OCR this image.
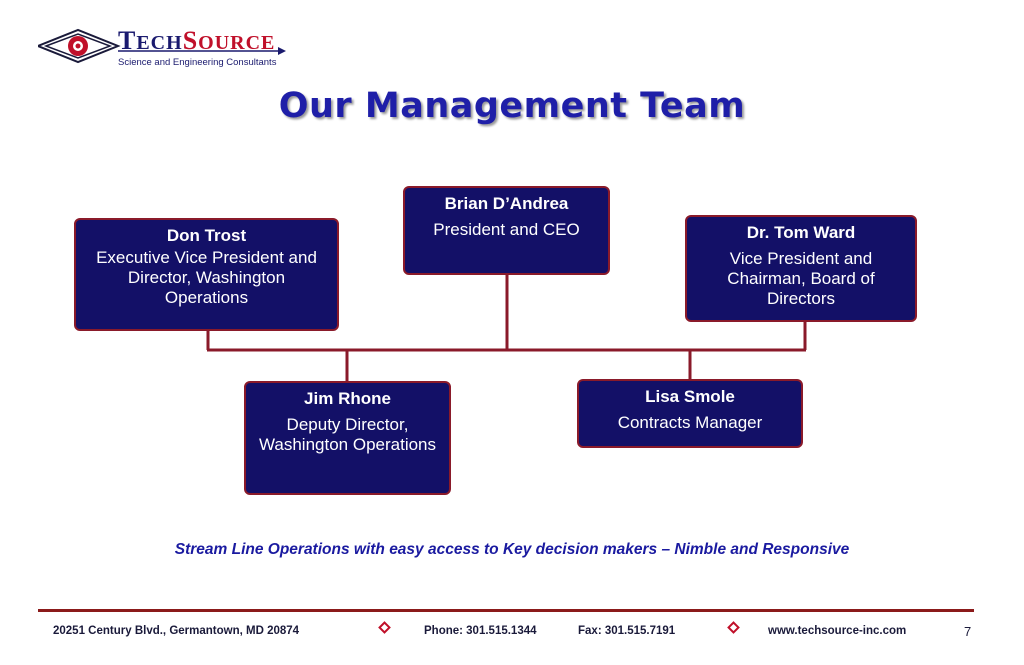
TECHSOURCE
Science and Engineering Consultants
Our Management Team
Brian D’Andrea
President and CEO
Don Trost
Executive Vice President and Director, Washington Operations
Dr. Tom Ward
Vice President and Chairman, Board of Directors
Jim Rhone
Deputy Director, Washington Operations
Lisa Smole
Contracts Manager
Stream Line Operations with easy access to Key decision makers – Nimble and Responsive
20251 Century Blvd., Germantown, MD 20874	Phone: 301.515.1344	Fax: 301.515.7191	www.techsource-inc.com	7
